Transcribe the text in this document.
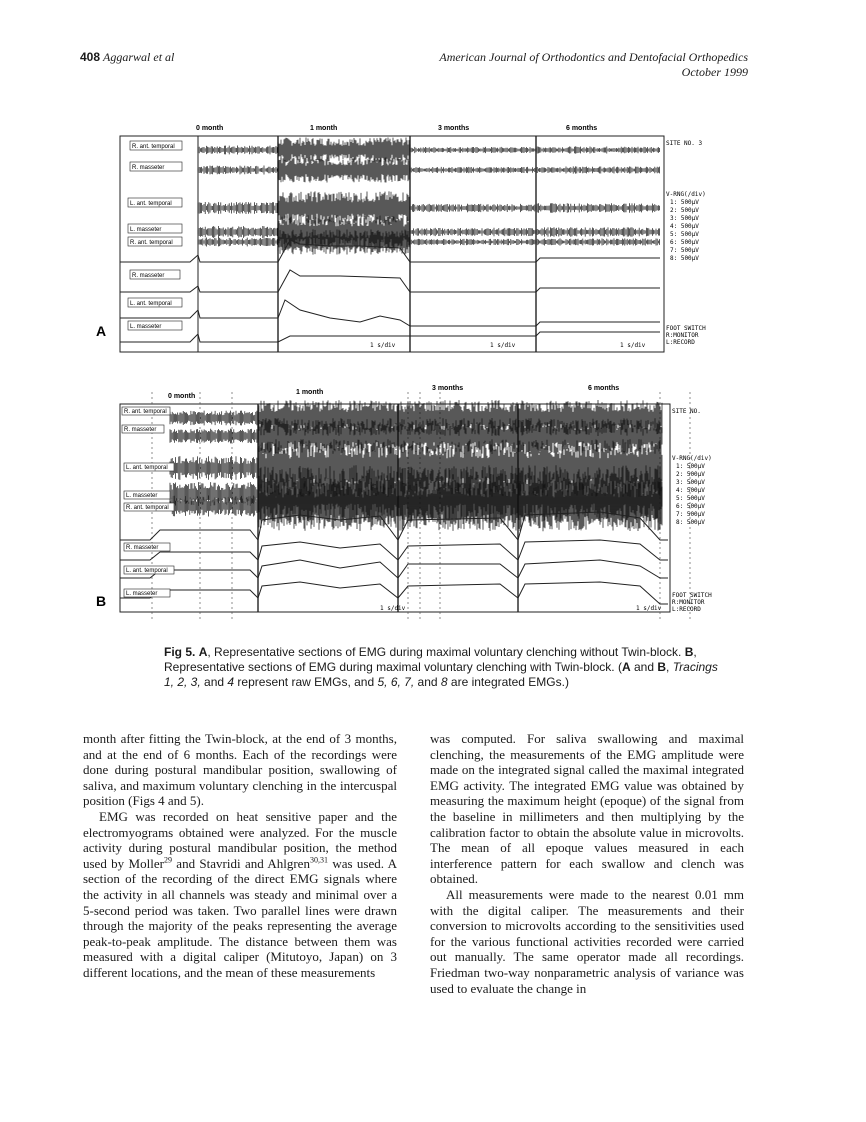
408 Aggarwal et al	American Journal of Orthodontics and Dentofacial Orthopedics
October 1999
R. ant. temporal
R. masseter
L. ant. temporal
L. masseter
R. ant. temporal
R. masseter
L. ant. temporal
L. masseter
0 month	1 month	3 months	6 months
SITE NO. 3
V-RNG(/div)
1: 500μV
2: 500μV
3: 500μV
4: 500μV
5: 500μV
6: 500μV
7: 500μV
8: 500μV
FOOT SWITCH
R:MONITOR
L:RECORD
1 s/div	1 s/div	1 s/div
A
R. ant. temporal
R. masseter
L. ant. temporal
L. masseter
R. ant. temporal
R. masseter
L. ant. temporal
L. masseter
0 month
1 month
3 months	6 months
SITE NO.
V-RNG(/div)
1: 500μV
2: 500μV
3: 500μV
4: 500μV
5: 500μV
6: 500μV
7: 500μV
8: 500μV
FOOT SWITCH
R:MONITOR
L:RECORD
1 s/div	1 s/div
B
Fig 5. A, Representative sections of EMG during maximal voluntary clenching without Twin-block. B, Representative sections of EMG during maximal voluntary clenching with Twin-block. (A and B, Tracings 1, 2, 3, and 4 represent raw EMGs, and 5, 6, 7, and 8 are integrated EMGs.)

month after fitting the Twin-block, at the end of 3 months, and at the end of 6 months. Each of the recordings were done during postural mandibular position, swallowing of saliva, and maximum voluntary clenching in the intercuspal position (Figs 4 and 5).

EMG was recorded on heat sensitive paper and the electromyograms obtained were analyzed. For the muscle activity during postural mandibular position, the method used by Moller$^{29}$ and Stavridi and Ahlgren$^{30,31}$ was used. A section of the recording of the direct EMG signals where the activity in all channels was steady and minimal over a 5-second period was taken. Two parallel lines were drawn through the majority of the peaks representing the average peak-to-peak amplitude. The distance between them was measured with a digital caliper (Mitutoyo, Japan) on 3 different locations, and the mean of these measurements

was computed. For saliva swallowing and maximal clenching, the measurements of the EMG amplitude were made on the integrated signal called the maximal integrated EMG activity. The integrated EMG value was obtained by measuring the maximum height (epoque) of the signal from the baseline in millimeters and then multiplying by the calibration factor to obtain the absolute value in microvolts. The mean of all epoque values measured in each interference pattern for each swallow and clench was obtained.

All measurements were made to the nearest 0.01 mm with the digital caliper. The measurements and their conversion to microvolts according to the sensitivities used for the various functional activities recorded were carried out manually. The same operator made all recordings. Friedman two-way nonparametric analysis of variance was used to evaluate the change in
